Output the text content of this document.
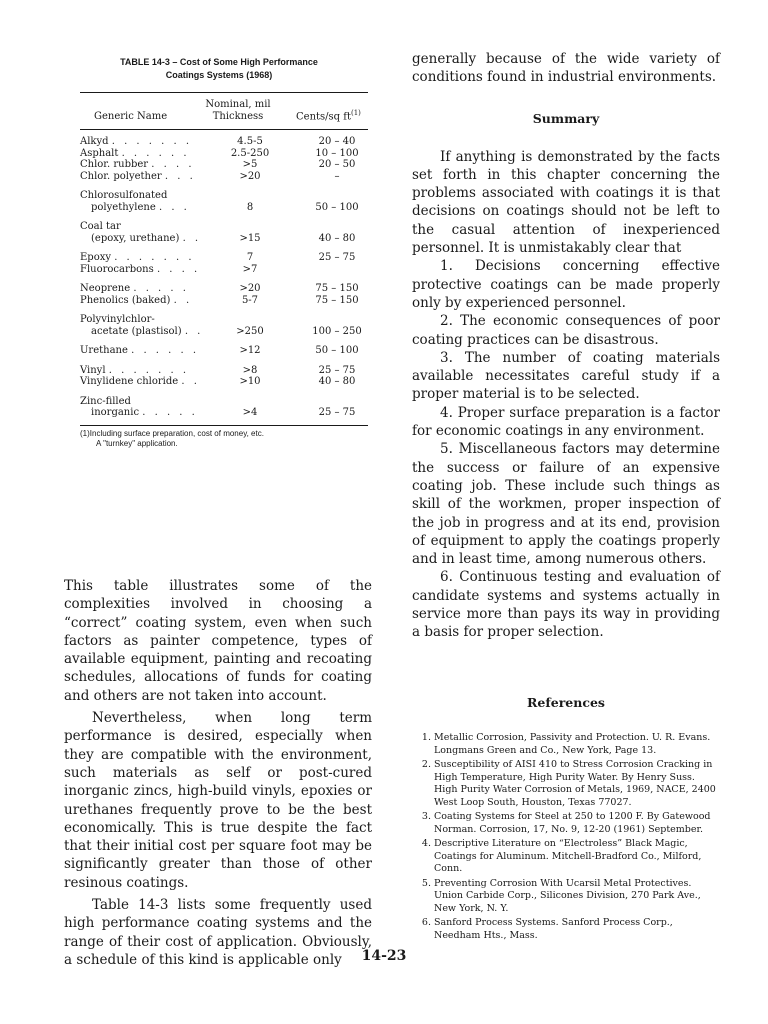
TABLE 14-3 – Cost of Some High Performance
Coatings Systems (1968)
Generic Name
Nominal, mil
Thickness	Cents/sq $ft^{(1)}$
Alkyd . . . . . . .	4.5-5	20 – 40
Asphalt . . . . . .	2.5-250	10 – 100
Chlor. rubber . . . .	>5	20 – 50
Chlor. polyether . . .	>20	–
Chlorosulfonated
polyethylene . . .	8	50 – 100
Coal tar
(epoxy, urethane) . .	>15	40 – 80
Epoxy . . . . . . .	7	25 – 75
Fluorocarbons . . . .	>7
Neoprene . . . . .	>20	75 – 150
Phenolics (baked) . .	5-7	75 – 150
Polyvinylchlor-
acetate (plastisol) . .	>250	100 – 250
Urethane . . . . . .	>12	50 – 100
Vinyl . . . . . . .	>8	25 – 75
Vinylidene chloride . .	>10	40 – 80
Zinc-filled
inorganic . . . . .	>4	25 – 75
(1)Including surface preparation, cost of money, etc.
A "turnkey" application.

This table illustrates some of the complexities involved in choosing a “correct” coating system, even when such factors as painter competence, types of available equipment, painting and recoating schedules, allocations of funds for coating and others are not taken into account.

Nevertheless, when long term performance is desired, especially when they are compatible with the environment, such materials as self or post-cured inorganic zincs, high-build vinyls, epoxies or urethanes frequently prove to be the best economically. This is true despite the fact that their initial cost per square foot may be significantly greater than those of other resinous coatings.

Table 14-3 lists some frequently used high performance coating systems and the range of their cost of application. Obviously, a schedule of this kind is applicable only

generally because of the wide variety of conditions found in industrial environments.

Summary

If anything is demonstrated by the facts set forth in this chapter concerning the problems associated with coatings it is that decisions on coatings should not be left to the casual attention of inexperienced personnel. It is unmistakably clear that

1. Decisions concerning effective protective coatings can be made properly only by experienced personnel.

2. The economic consequences of poor coating practices can be disastrous.

3. The number of coating materials available necessitates careful study if a proper material is to be selected.

4. Proper surface preparation is a factor for economic coatings in any environment.

5. Miscellaneous factors may determine the success or failure of an expensive coating job. These include such things as skill of the workmen, proper inspection of the job in progress and at its end, provision of equipment to apply the coatings properly and in least time, among numerous others.

6. Continuous testing and evaluation of candidate systems and systems actually in service more than pays its way in providing a basis for proper selection.

References
1. Metallic Corrosion, Passivity and Protection. U. R. Evans. Longmans Green and Co., New York, Page 13.
2. Susceptibility of AISI 410 to Stress Corrosion Cracking in High Temperature, High Purity Water. By Henry Suss. High Purity Water Corrosion of Metals, 1969, NACE, 2400 West Loop South, Houston, Texas 77027.
3. Coating Systems for Steel at 250 to 1200 F. By Gatewood Norman. Corrosion, 17, No. 9, 12-20 (1961) September.
4. Descriptive Literature on “Electroless” Black Magic, Coatings for Aluminum. Mitchell-Bradford Co., Milford, Conn.
5. Preventing Corrosion With Ucarsil Metal Protectives. Union Carbide Corp., Silicones Division, 270 Park Ave., New York, N. Y.
6. Sanford Process Systems. Sanford Process Corp., Needham Hts., Mass.
14-23
